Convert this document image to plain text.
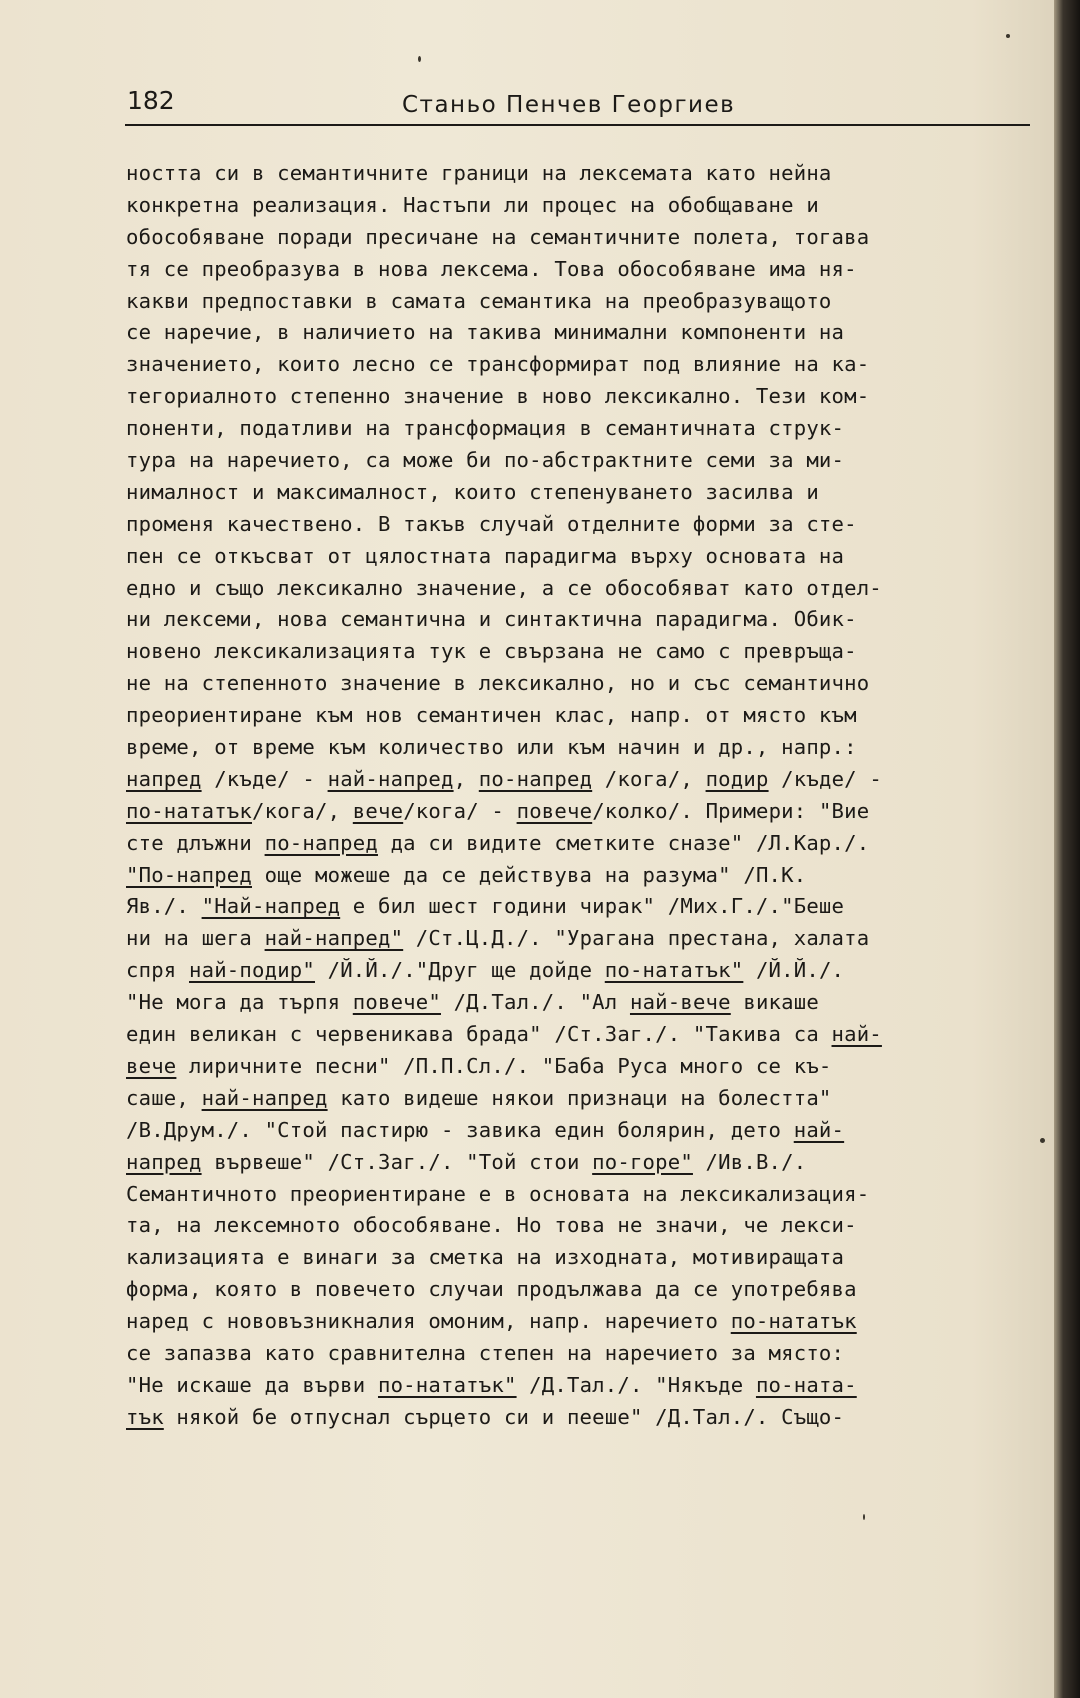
182	Станьо Пенчев Георгиев
ността си в семантичните граници на лексемата като нейна
конкретна реализация. Настъпи ли процес на обобщаване и
обособяване поради пресичане на семантичните полета, тогава
тя се преобразува в нова лексема. Това обособяване има ня-
какви предпоставки в самата семантика на преобразуващото
се наречие, в наличието на такива минимални компоненти на
значението, които лесно се трансформират под влияние на ка-
тегориалното степенно значение в ново лексикално. Тези ком-
поненти, податливи на трансформация в семантичната струк-
тура на наречието, са може би по-абстрактните семи за ми-
нималност и максималност, които степенуването засилва и
променя качествено. В такъв случай отделните форми за сте-
пен се откъсват от цялостната парадигма върху основата на
едно и също лексикално значение, а се обособяват като отдел-
ни лексеми, нова семантична и синтактична парадигма. Обик-
новено лексикализацията тук е свързана не само с превръща-
не на степенното значение в лексикално, но и със семантично
преориентиране към нов семантичен клас, напр. от място към
време, от време към количество или към начин и др., напр.:
напред /къде/ - най-напред, по-напред /кога/, подир /къде/ -
по-нататък/кога/, вече/кога/ - повече/колко/. Примери: "Вие
сте длъжни по-напред да си видите сметките сназе" /Л.Кар./.
"По-напред още можеше да се действува на разума" /П.К.
Яв./. "Най-напред е бил шест години чирак" /Мих.Г./."Беше
ни на шега най-напред" /Ст.Ц.Д./. "Урагана престана, халата
спря най-подир" /Й.Й./."Друг ще дойде по-нататък" /Й.Й./.
"Не мога да търпя повече" /Д.Тал./. "Ал най-вече викаше
един великан с червеникава брада" /Ст.Заг./. "Такива са най-
вече лиричните песни" /П.П.Сл./. "Баба Руса много се къ-
саше, най-напред като видеше някои признаци на болестта"
/В.Друм./. "Стой пастирю - завика един болярин, дето най-
напред вървеше" /Ст.Заг./. "Той стои по-горе" /Ив.В./.
Семантичното преориентиране е в основата на лексикализация-
та, на лексемното обособяване. Но това не значи, че лекси-
кализацията е винаги за сметка на изходната, мотивиращата
форма, която в повечето случаи продължава да се употребява
наред с нововъзникналия омоним, напр. наречието по-нататък
се запазва като сравнителна степен на наречието за място:
"Не искаше да върви по-нататък" /Д.Тал./. "Някъде по-ната-
тък някой бе отпуснал сърцето си и пееше" /Д.Тал./. Също-
